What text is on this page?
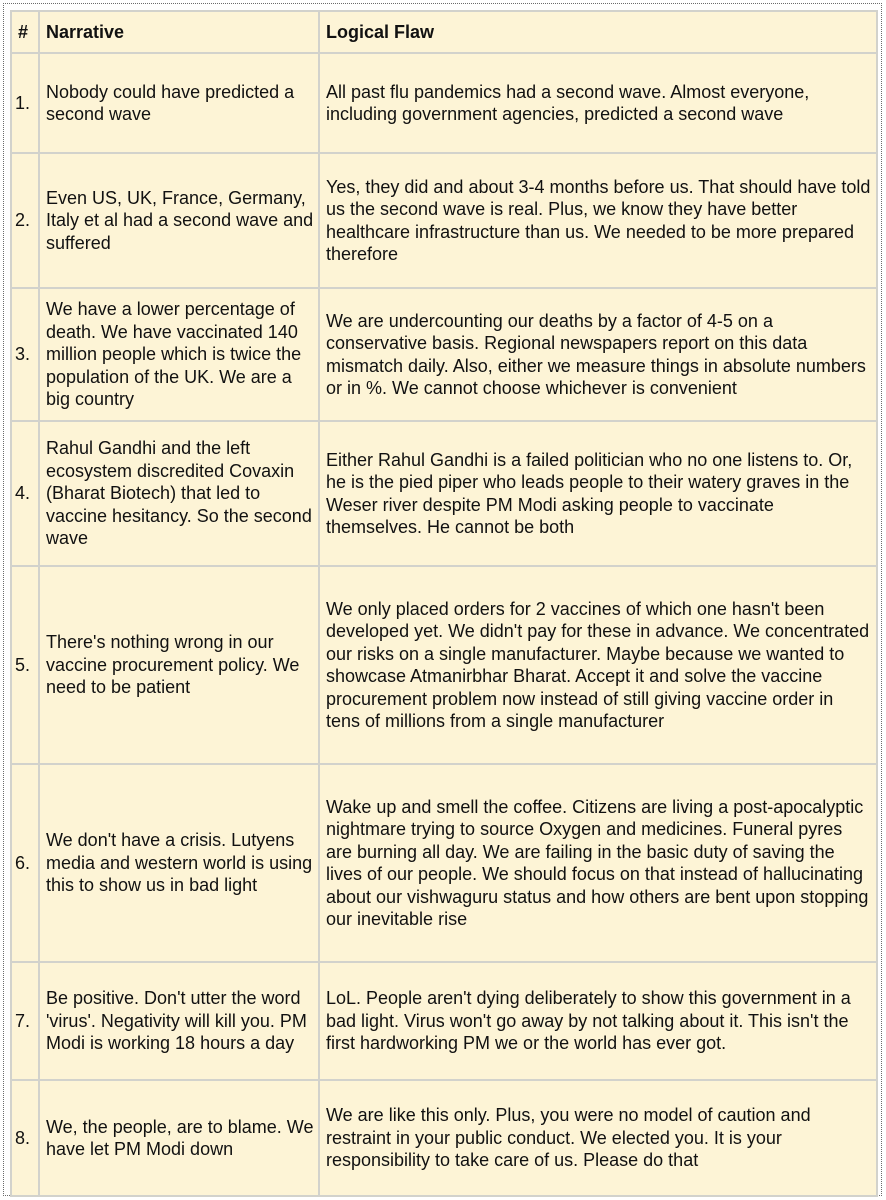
#	Narrative	Logical Flaw
1.	Nobody could have predicted a second wave	All past flu pandemics had a second wave. Almost everyone, including government agencies, predicted a second wave
2.	Even US, UK, France, Germany, Italy et al had a second wave and suffered	Yes, they did and about 3-4 months before us. That should have told us the second wave is real. Plus, we know they have better healthcare infrastructure than us. We needed to be more prepared therefore
3.	We have a lower percentage of death. We have vaccinated 140 million people which is twice the population of the UK. We are a big country	We are undercounting our deaths by a factor of 4-5 on a conservative basis. Regional newspapers report on this data mismatch daily. Also, either we measure things in absolute numbers or in %. We cannot choose whichever is convenient
4.	Rahul Gandhi and the left ecosystem discredited Covaxin (Bharat Biotech) that led to vaccine hesitancy. So the second wave	Either Rahul Gandhi is a failed politician who no one listens to. Or, he is the pied piper who leads people to their watery graves in the Weser river despite PM Modi asking people to vaccinate themselves. He cannot be both
5.	There's nothing wrong in our vaccine procurement policy. We need to be patient	We only placed orders for 2 vaccines of which one hasn't been developed yet. We didn't pay for these in advance. We concentrated our risks on a single manufacturer. Maybe because we wanted to showcase Atmanirbhar Bharat. Accept it and solve the vaccine procurement problem now instead of still giving vaccine order in tens of millions from a single manufacturer
6.	We don't have a crisis. Lutyens media and western world is using this to show us in bad light	Wake up and smell the coffee. Citizens are living a post-apocalyptic nightmare trying to source Oxygen and medicines. Funeral pyres are burning all day. We are failing in the basic duty of saving the lives of our people. We should focus on that instead of hallucinating about our vishwaguru status and how others are bent upon stopping our inevitable rise
7.	Be positive. Don't utter the word 'virus'. Negativity will kill you. PM Modi is working 18 hours a day	LoL. People aren't dying deliberately to show this government in a bad light. Virus won't go away by not talking about it. This isn't the first hardworking PM we or the world has ever got.
8.	We, the people, are to blame. We have let PM Modi down	We are like this only. Plus, you were no model of caution and restraint in your public conduct. We elected you. It is your responsibility to take care of us. Please do that
